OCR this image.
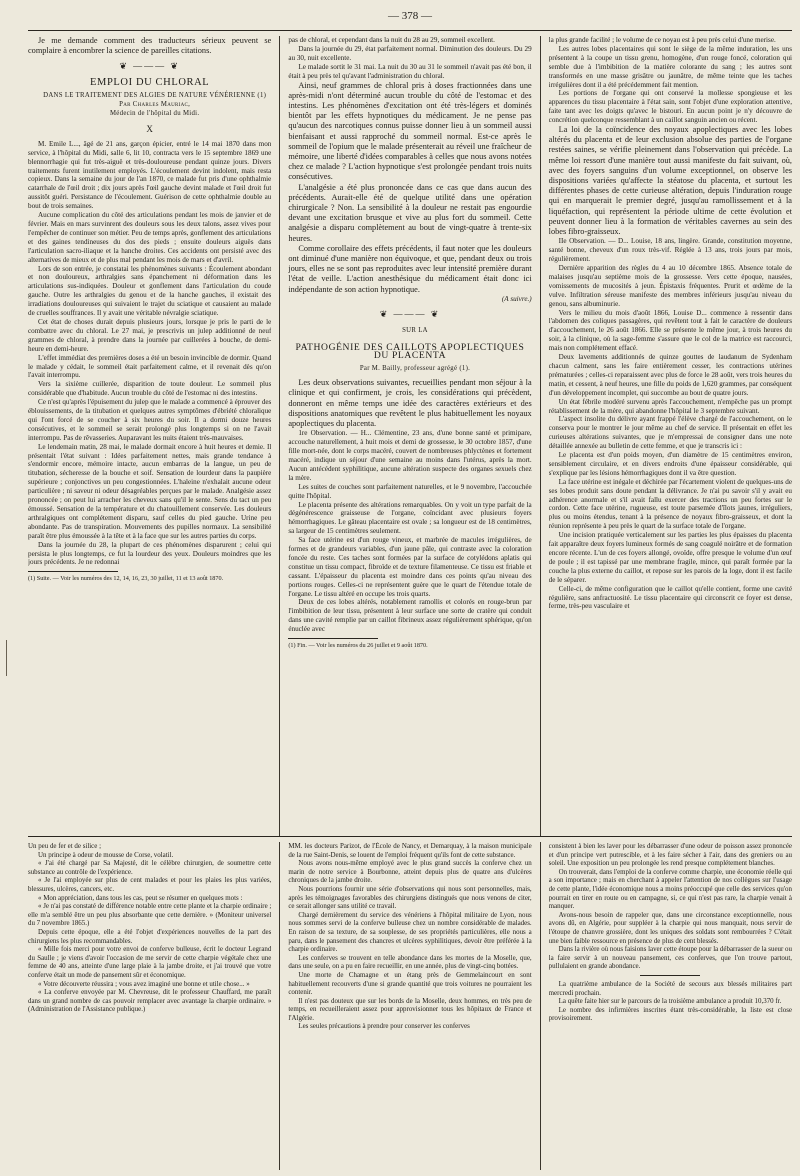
— 378 —

Je me demande comment des traducteurs sérieux peuvent se complaire à encombrer la science de pareilles citations.

❦ ——— ❦
EMPLOI DU CHLORAL

DANS LE TRAITEMENT DES ALGIES DE NATURE VÉNÉRIENNE (1)

Par Charles Mauriac,

Médecin de l'hôpital du Midi.

X

M. Emile L..., âgé de 21 ans, garçon épicier, entré le 14 mai 1870 dans mon service, à l'hôpital du Midi, salle 6, lit 10, contracta vers le 15 septembre 1869 une blennorrhagie qui fut très-aiguë et très-douloureuse pendant quinze jours. Divers traitements furent inutilement employés. L'écoulement devint indolent, mais resta copieux. Dans la semaine du jour de l'an 1870, ce malade fut pris d'une ophthalmie catarrhale de l'œil droit ; dix jours après l'œil gauche devint malade et l'œil droit fut aussitôt guéri. Persistance de l'écoulement. Guérison de cette ophthalmie double au bout de trois semaines.

Aucune complication du côté des articulations pendant les mois de janvier et de février. Mais en mars survinrent des douleurs sous les deux talons, assez vives pour l'empêcher de continuer son métier. Peu de temps après, gonflement des articulations et des gaines tendineuses du dos des pieds ; ensuite douleurs aiguës dans l'articulation sacro-iliaque et la hanche droites. Ces accidents ont persisté avec des alternatives de mieux et de plus mal pendant les mois de mars et d'avril.

Lors de son entrée, je constatai les phénomènes suivants : Écoulement abondant et non douloureux, arthralgies sans épanchement ni déformation dans les articulations sus-indiquées. Douleur et gonflement dans l'articulation du coude gauche. Outre les arthralgies du genou et de la hanche gauches, il existait des irradiations douloureuses qui suivaient le trajet du sciatique et causaient au malade de cruelles souffrances. Il y avait une véritable névralgie sciatique.

Cet état de choses durait depuis plusieurs jours, lorsque je pris le parti de le combattre avec du chloral. Le 27 mai, je prescrivis un julep additionné de neuf grammes de chloral, à prendre dans la journée par cuillerées à bouche, de demi-heure en demi-heure.

L'effet immédiat des premières doses a été un besoin invincible de dormir. Quand le malade y cédait, le sommeil était parfaitement calme, et il revenait dès qu'on l'avait interrompu.

Vers la sixième cuillerée, disparition de toute douleur. Le sommeil plus considérable que d'habitude. Aucun trouble du côté de l'estomac ni des intestins.

Ce n'est qu'après l'épuisement du julep que le malade a commencé à éprouver des éblouissements, de la titubation et quelques autres symptômes d'ébriété chloralique qui l'ont forcé de se coucher à six heures du soir. Il a dormi douze heures consécutives, et le sommeil se serait prolongé plus longtemps si on ne l'avait interrompu. Pas de rêvasseries. Auparavant les nuits étaient très-mauvaises.

Le lendemain matin, 28 mai, le malade dormait encore à huit heures et demie. Il présentait l'état suivant : Idées parfaitement nettes, mais grande tendance à s'endormir encore, mémoire intacte, aucun embarras de la langue, un peu de titubation, sécheresse de la bouche et soif. Sensation de lourdeur dans la paupière supérieure ; conjonctives un peu congestionnées. L'haleine n'exhalait aucune odeur particulière ; ni saveur ni odeur désagréables perçues par le malade. Analgésie assez prononcée ; on peut lui arracher les cheveux sans qu'il le sente. Sens du tact un peu émoussé. Sensation de la température et du chatouillement conservée. Les douleurs arthralgiques ont complétement disparu, sauf celles du pied gauche. Urine peu abondante. Pas de transpiration. Mouvements des pupilles normaux. La sensibilité paraît être plus émoussée à la tête et à la face que sur les autres parties du corps.

Dans la journée du 28, la plupart de ces phénomènes disparurent ; celui qui persista le plus longtemps, ce fut la lourdeur des yeux. Douleurs moindres que les jours précédents. Je ne redonnai

(1) Suite. — Voir les numéros des 12, 14, 16, 23, 30 juillet, 11 et 13 août 1870.

pas de chloral, et cependant dans la nuit du 28 au 29, sommeil excellent.

Dans la journée du 29, état parfaitement normal. Diminution des douleurs. Du 29 au 30, nuit excellente.

Le malade sortit le 31 mai. La nuit du 30 au 31 le sommeil n'avait pas été bon, il était à peu près tel qu'avant l'administration du chloral.

Ainsi, neuf grammes de chloral pris à doses fractionnées dans une après-midi n'ont déterminé aucun trouble du côté de l'estomac et des intestins. Les phénomènes d'excitation ont été très-légers et dominés bientôt par les effets hypnotiques du médicament. Je ne pense pas qu'aucun des narcotiques connus puisse donner lieu à un sommeil aussi bienfaisant et aussi rapproché du sommeil normal. Est-ce après le sommeil de l'opium que le malade présenterait au réveil une fraîcheur de mémoire, une liberté d'idées comparables à celles que nous avons notées chez ce malade ? L'action hypnotique s'est prolongée pendant trois nuits consécutives.

L'analgésie a été plus prononcée dans ce cas que dans aucun des précédents. Aurait-elle été de quelque utilité dans une opération chirurgicale ? Non. La sensibilité à la douleur ne restait pas engourdie devant une excitation brusque et vive au plus fort du sommeil. Cette analgésie a disparu complètement au bout de vingt-quatre à trente-six heures.

Comme corollaire des effets précédents, il faut noter que les douleurs ont diminué d'une manière non équivoque, et que, pendant deux ou trois jours, elles ne se sont pas reproduites avec leur intensité première durant l'état de veille. L'action anesthésique du médicament était donc ici indépendante de son action hypnotique.

(A suivre.)

❦ ——— ❦

SUR LA

PATHOGÉNIE DES CAILLOTS APOPLECTIQUES DU PLACENTA

Par M. Bailly, professeur agrégé (1).

Les deux observations suivantes, recueillies pendant mon séjour à la clinique et qui confirment, je crois, les considérations qui précèdent, donneront en même temps une idée des caractères extérieurs et des dispositions anatomiques que revêtent le plus habituellement les noyaux apoplectiques du placenta.

1re Observation. — H... Clémentine, 23 ans, d'une bonne santé et primipare, accouche naturellement, à huit mois et demi de grossesse, le 30 octobre 1857, d'une fille mort-née, dont le corps macéré, couvert de nombreuses phlyctènes et fortement macéré, indique un séjour d'une semaine au moins dans l'utérus, après la mort. Aucun antécédent syphilitique, aucune altération suspecte des organes sexuels chez la mère.

Les suites de couches sont parfaitement naturelles, et le 9 novembre, l'accouchée quitte l'hôpital.

Le placenta présente des altérations remarquables. On y voit un type parfait de la dégénérescence graisseuse de l'organe, coïncidant avec plusieurs foyers hémorrhagiques. Le gâteau placentaire est ovale ; sa longueur est de 18 centimètres, sa largeur de 15 centimètres seulement.

Sa face utérine est d'un rouge vineux, et marbrée de macules irrégulières, de formes et de grandeurs variables, d'un jaune pâle, qui contraste avec la coloration foncée du reste. Ces taches sont formées par la surface de cotylédons aplatis qui constitue un tissu compact, fibroïde et de texture filamenteuse. Ce tissu est friable et cassant. L'épaisseur du placenta est moindre dans ces points qu'au niveau des portions rouges. Celles-ci ne représentent guère que le quart de l'étendue totale de l'organe. Le tissu altéré en occupe les trois quarts.

Deux de ces lobes altérés, notablement ramollis et colorés en rouge-brun par l'imbibition de leur tissu, présentent à leur surface une sorte de cratère qui conduit dans une cavité remplie par un caillot fibrineux assez régulièrement sphérique, qu'on énuclée avec

(1) Fin. — Voir les numéros du 26 juillet et 9 août 1870.

la plus grande facilité ; le volume de ce noyau est à peu près celui d'une merise.

Les autres lobes placentaires qui sont le siège de la même induration, les uns présentent à la coupe un tissu grenu, homogène, d'un rouge foncé, coloration qui semble due à l'imbibition de la matière colorante du sang ; les autres sont transformés en une masse grisâtre ou jaunâtre, de même teinte que les taches irrégulières dont il a été précédemment fait mention.

Les portions de l'organe qui ont conservé la mollesse spongieuse et les apparences du tissu placentaire à l'état sain, sont l'objet d'une exploration attentive, faite tant avec les doigts qu'avec le bistouri. En aucun point je n'y découvre de concrétion quelconque ressemblant à un caillot sanguin ancien ou récent.

La loi de la coïncidence des noyaux apoplectiques avec les lobes altérés du placenta et de leur exclusion absolue des parties de l'organe restées saines, se vérifie pleinement dans l'observation qui précède. La même loi ressort d'une manière tout aussi manifeste du fait suivant, où, avec des foyers sanguins d'un volume exceptionnel, on observe les dispositions variées qu'affecte la stéatose du placenta, et surtout les différentes phases de cette curieuse altération, depuis l'induration rouge qui en marquerait le premier degré, jusqu'au ramollissement et à la liquéfaction, qui représentent la période ultime de cette évolution et peuvent donner lieu à la formation de véritables cavernes au sein des lobes fibro-graisseux.

IIe Observation. — D... Louise, 18 ans, lingère. Grande, constitution moyenne, santé bonne, cheveux d'un roux très-vif. Réglée à 13 ans, trois jours par mois, régulièrement.

Dernière apparition des règles du 4 au 10 décembre 1865. Absence totale de malaises jusqu'au septième mois de la grossesse. Vers cette époque, nausées, vomissements de mucosités à jeun. Épistaxis fréquentes. Prurit et œdème de la vulve. Infiltration séreuse manifeste des membres inférieurs jusqu'au niveau du genou, sans albuminurie.

Vers le milieu du mois d'août 1866, Louise D... commence à ressentir dans l'abdomen des coliques passagères, qui revêtent tout à fait le caractère de douleurs d'accouchement, le 26 août 1866. Elle se présente le même jour, à trois heures du soir, à la clinique, où la sage-femme s'assure que le col de la matrice est raccourci, mais non complétement effacé.

Deux lavements additionnés de quinze gouttes de laudanum de Sydenham chacun calment, sans les faire entièrement cesser, les contractions utérines prématurées ; celles-ci reparaissent avec plus de force le 28 août, vers trois heures du matin, et cessent, à neuf heures, une fille du poids de 1,620 grammes, par conséquent d'un développement incomplet, qui succombe au bout de quatre jours.

Un état fébrile modéré survenu après l'accouchement, n'empêche pas un prompt rétablissement de la mère, qui abandonne l'hôpital le 3 septembre suivant.

L'aspect insolite du délivre ayant frappé l'élève chargé de l'accouchement, on le conserva pour le montrer le jour même au chef de service. Il présentait en effet les curieuses altérations suivantes, que je m'empressai de consigner dans une note détaillée annexée au bulletin de cette femme, et que je transcris ici :

Le placenta est d'un poids moyen, d'un diamètre de 15 centimètres environ, sensiblement circulaire, et en divers endroits d'une épaisseur considérable, qui s'explique par les lésions hémorrhagiques dont il va être question.

La face utérine est inégale et déchirée par l'écartement violent de quelques-uns de ses lobes produit sans doute pendant la délivrance. Je n'ai pu savoir s'il y avait eu adhérence anormale et s'il avait fallu exercer des tractions un peu fortes sur le cordon. Cette face utérine, rugueuse, est toute parsemée d'îlots jaunes, irréguliers, plus ou moins étendus, tenant à la présence de noyaux fibro-graisseux, et dont la réunion représente à peu près le quart de la surface totale de l'organe.

Une incision pratiquée verticalement sur les parties les plus épaisses du placenta fait apparaître deux foyers lumineux formés de sang coagulé noirâtre et de formation encore récente. L'un de ces foyers allongé, ovoïde, offre presque le volume d'un œuf de poule ; il est tapissé par une membrane fragile, mince, qui paraît formée par la couche la plus externe du caillot, et repose sur les parois de la loge, dont il est facile de le séparer.

Celle-ci, de même configuration que le caillot qu'elle contient, forme une cavité régulière, sans anfractuosité. Le tissu placentaire qui circonscrit ce foyer est dense, ferme, très-peu vasculaire et

Un peu de fer et de silice ;

Un principe à odeur de mousse de Corse, volatil.

« J'ai été chargé par Sa Majesté, dit le célèbre chirurgien, de soumettre cette substance au contrôle de l'expérience.

« Je l'ai employée sur plus de cent malades et pour les plaies les plus variées, blessures, ulcères, cancers, etc.

« Mon appréciation, dans tous les cas, peut se résumer en quelques mots :

« Je n'ai pas constaté de différence notable entre cette plante et la charpie ordinaire ; elle m'a semblé être un peu plus absorbante que cette dernière. » (Moniteur universel du 7 novembre 1865.)

Depuis cette époque, elle a été l'objet d'expériences nouvelles de la part des chirurgiens les plus recommandables.

« Mille fois merci pour votre envoi de conferve bulleuse, écrit le docteur Legrand du Saulle ; je viens d'avoir l'occasion de me servir de cette charpie végétale chez une femme de 40 ans, atteinte d'une large plaie à la jambe droite, et j'ai trouvé que votre conferve était un mode de pansement sûr et économique.

« Votre découverte réussira ; vous avez imaginé une bonne et utile chose... »

« La conferve envoyée par M. Chevreuse, dit le professeur Chauffard, me paraît dans un grand nombre de cas pouvoir remplacer avec avantage la charpie ordinaire. » (Administration de l'Assistance publique.)

MM. les docteurs Parizot, de l'École de Nancy, et Demarquay, à la maison municipale de la rue Saint-Denis, se louent de l'emploi fréquent qu'ils font de cette substance.

Nous avons nous-même employé avec le plus grand succès la conferve chez un marin de notre service à Bourbonne, atteint depuis plus de quatre ans d'ulcères chroniques de la jambe droite.

Nous pourrions fournir une série d'observations qui nous sont personnelles, mais, après les témoignages favorables des chirurgiens distingués que nous venons de citer, ce serait allonger sans utilité ce travail.

Chargé dernièrement du service des vénériens à l'hôpital militaire de Lyon, nous nous sommes servi de la conferve bulleuse chez un nombre considérable de malades. En raison de sa texture, de sa souplesse, de ses propriétés particulières, elle nous a paru, dans le pansement des chancres et ulcères syphilitiques, devoir être préférée à la charpie ordinaire.

Les conferves se trouvent en telle abondance dans les mortes de la Moselle, que, dans une seule, on a pu en faire recueillir, en une année, plus de vingt-cinq bottées.

Une morte de Chamagne et un étang près de Gemmelaincourt en sont habituellement recouverts d'une si grande quantité que trois voitures ne pourraient les contenir.

Il n'est pas douteux que sur les bords de la Moselle, deux hommes, en très peu de temps, en recueilleraient assez pour approvisionner tous les hôpitaux de France et l'Algérie.

Les seules précautions à prendre pour conserver les conferves

consistent à bien les laver pour les débarrasser d'une odeur de poisson assez prononcée et d'un principe vert putrescible, et à les faire sécher à l'air, dans des greniers ou au soleil. Une exposition un peu prolongée les rend presque complétement blanches.

On trouverait, dans l'emploi de la conferve comme charpie, une économie réelle qui a son importance ; mais en cherchant à appeler l'attention de nos collègues sur l'usage de cette plante, l'idée économique nous a moins préoccupé que celle des services qu'on pourrait en tirer en route ou en campagne, si, ce qui n'est pas rare, la charpie venait à manquer.

Avons-nous besoin de rappeler que, dans une circonstance exceptionnelle, nous avons dû, en Algérie, pour suppléer à la charpie qui nous manquait, nous servir de l'étoupe de chanvre grossière, dont les uniques des soldats sont rembourrées ? C'était une bien faible ressource en présence de plus de cent blessés.

Dans la rivière où nous faisions laver cette étoupe pour la débarrasser de la sueur ou la faire servir à un nouveau pansement, ces conferves, que l'on trouve partout, pullulaient en grande abondance.

La quatrième ambulance de la Société de secours aux blessés militaires part mercredi prochain.

La quête faite hier sur le parcours de la troisième ambulance a produit 10,370 fr.

Le nombre des infirmières inscrites étant très-considérable, la liste est close provisoirement.
